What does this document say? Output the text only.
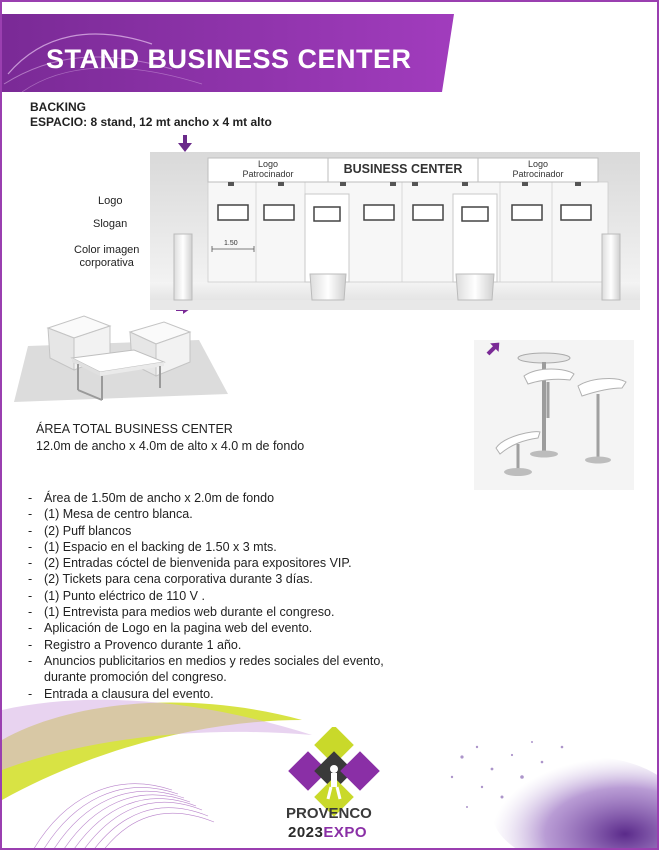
STAND BUSINESS CENTER
BACKING
ESPACIO: 8 stand, 12 mt ancho x 4 mt alto
Logo
Slogan
Color imagen
corporativa
Logo
Patrocinador	BUSINESS CENTER	Logo
Patrocinador
1.50
ÁREA TOTAL BUSINESS CENTER
12.0m de ancho x 4.0m de alto x 4.0 m de fondo
- Área de 1.50m de ancho x 2.0m de fondo
- (1) Mesa de centro blanca.
- (2) Puff blancos
- (1) Espacio en el backing de 1.50 x 3 mts.
- (2) Entradas cóctel de bienvenida para expositores VIP.
- (2) Tickets para cena corporativa durante 3 días.
- (1) Punto eléctrico de 110 V .
- (1) Entrevista para medios web durante el congreso.
- Aplicación de Logo en la pagina web del evento.
- Registro a Provenco durante 1 año.
- Anuncios publicitarios en medios y redes sociales del evento,
durante promoción del congreso.
- Entrada a clausura del evento.
PROVENCO
2023EXPO
